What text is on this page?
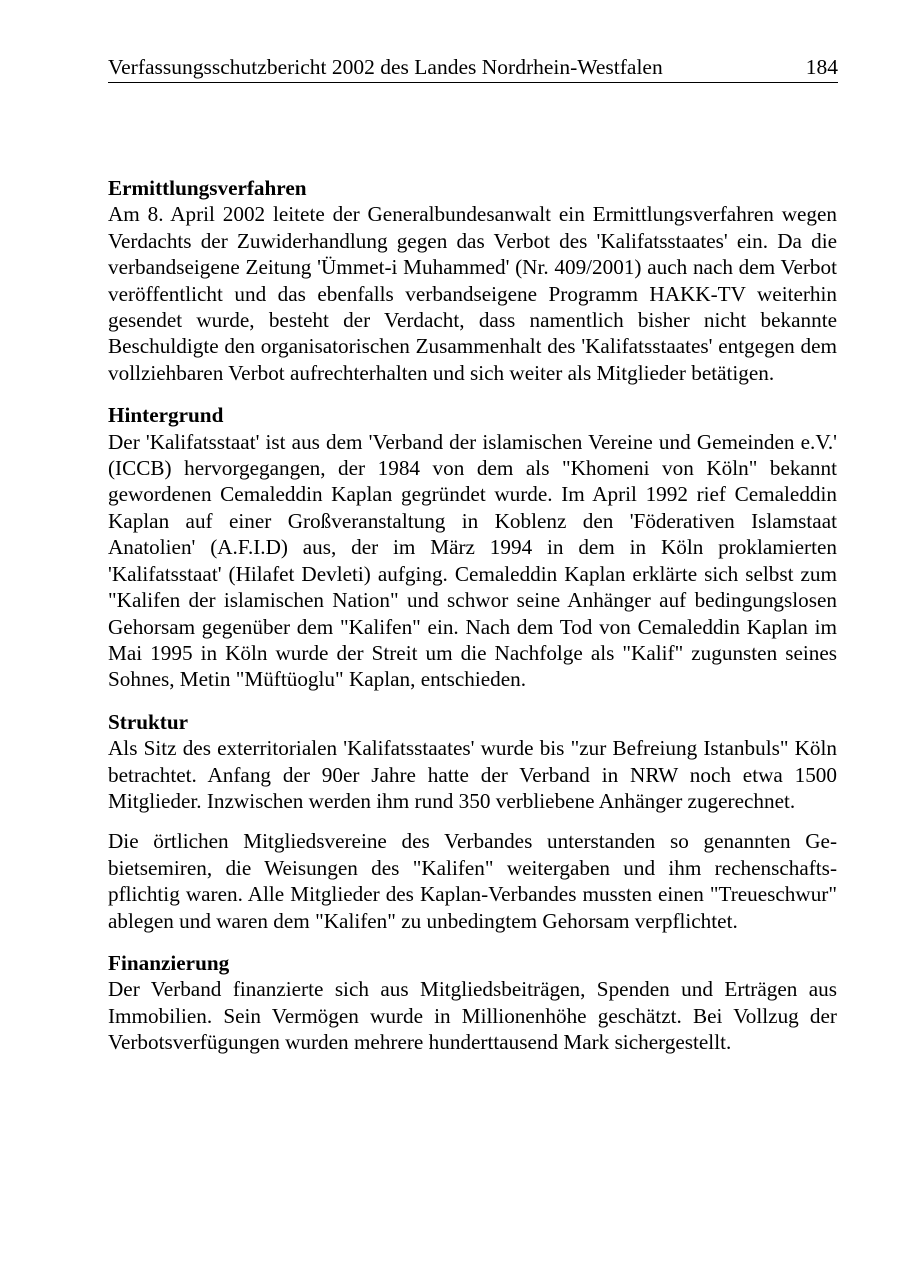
Verfassungsschutzbericht 2002 des Landes Nordrhein-Westfalen	184
Ermittlungsverfahren

Am 8. April 2002 leitete der Generalbundesanwalt ein Ermittlungsverfahren wegen Verdachts der Zuwiderhandlung gegen das Verbot des 'Kalifatsstaates' ein. Da die verbandseigene Zeitung 'Ümmet-i Muhammed' (Nr. 409/2001) auch nach dem Verbot veröffentlicht und das ebenfalls verbandseigene Programm HAKK-TV weiterhin gesendet wurde, besteht der Verdacht, dass namentlich bisher nicht bekannte Beschuldigte den organisatorischen Zusammenhalt des 'Kalifatsstaates' entgegen dem vollziehbaren Verbot aufrechterhalten und sich weiter als Mitglieder betätigen.

Hintergrund

Der 'Kalifatsstaat' ist aus dem 'Verband der islamischen Vereine und Gemeinden e.V.' (ICCB) hervorgegangen, der 1984 von dem als "Khomeni von Köln" bekannt gewordenen Cemaleddin Kaplan gegründet wurde. Im April 1992 rief Cemaleddin Kaplan auf einer Großveranstaltung in Koblenz den 'Föderativen Islamstaat Anatolien' (A.F.I.D) aus, der im März 1994 in dem in Köln proklamierten 'Kalifatsstaat' (Hilafet Devleti) aufging. Cemaleddin Kaplan erklärte sich selbst zum "Kalifen der islamischen Nation" und schwor seine Anhänger auf bedingungslosen Gehorsam gegenüber dem "Kalifen" ein. Nach dem Tod von Cemaleddin Kaplan im Mai 1995 in Köln wurde der Streit um die Nachfolge als "Kalif" zugunsten seines Sohnes, Metin "Müftüoglu" Kaplan, entschieden.

Struktur

Als Sitz des exterritorialen 'Kalifatsstaates' wurde bis "zur Befreiung Istanbuls" Köln betrachtet. Anfang der 90er Jahre hatte der Verband in NRW noch etwa 1500 Mitglieder. Inzwischen werden ihm rund 350 verbliebene Anhänger zugerechnet.

Die örtlichen Mitgliedsvereine des Verbandes unterstanden so genannten Gebietsemiren, die Weisungen des "Kalifen" weitergaben und ihm rechenschaftspflichtig waren. Alle Mitglieder des Kaplan-Verbandes mussten einen "Treueschwur" ablegen und waren dem "Kalifen" zu unbedingtem Gehorsam verpflichtet.

Finanzierung

Der Verband finanzierte sich aus Mitgliedsbeiträgen, Spenden und Erträgen aus Immobilien. Sein Vermögen wurde in Millionenhöhe geschätzt. Bei Vollzug der Verbotsverfügungen wurden mehrere hunderttausend Mark sichergestellt.
